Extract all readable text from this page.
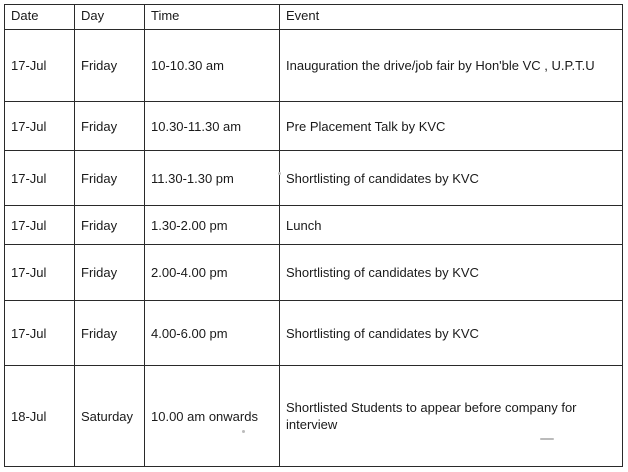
Date	Day	Time	Event
17-Jul	Friday	10-10.30 am	Inauguration the drive/job fair by Hon'ble VC , U.P.T.U
17-Jul	Friday	10.30-11.30 am	Pre Placement Talk by KVC
17-Jul	Friday	11.30-1.30 pm	Shortlisting of candidates by KVC
17-Jul	Friday	1.30-2.00 pm	Lunch
17-Jul	Friday	2.00-4.00 pm	Shortlisting of candidates by KVC
17-Jul	Friday	4.00-6.00 pm	Shortlisting of candidates by KVC
18-Jul	Saturday	10.00 am onwards	Shortlisted Students to appear before company for interview
